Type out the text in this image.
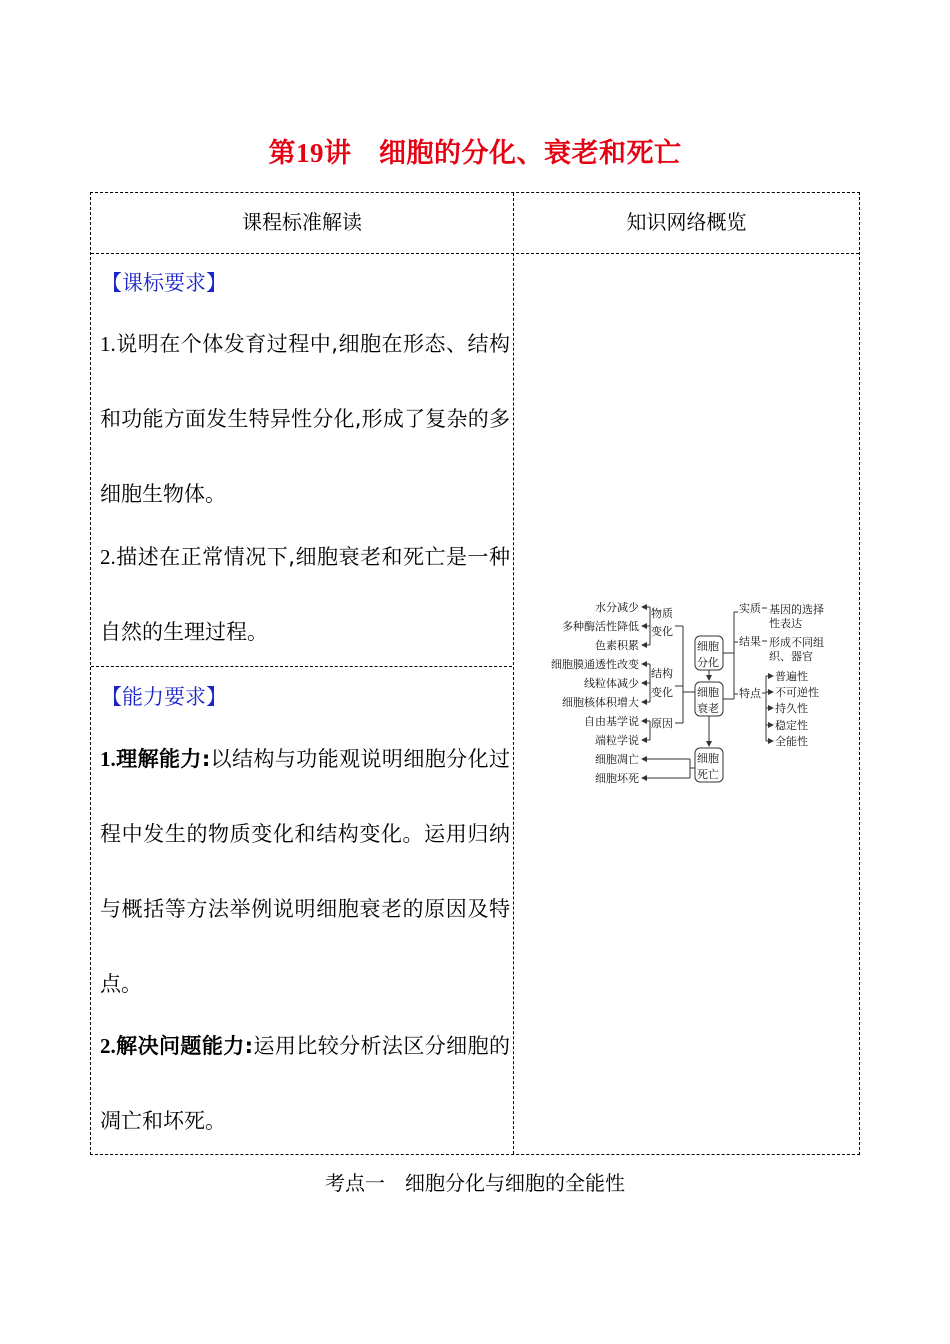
第19讲　 细胞的分化、衰老和死亡
课程标准解读	知识网络概览
【课标要求】
1.说明在个体发育过程中,细胞在形态、结构和功能方面发生特异性分化,形成了复杂的多细胞生物体。
2.描述在正常情况下,细胞衰老和死亡是一种自然的生理过程。
【能力要求】
1.理解能力:以结构与功能观说明细胞分化过程中发生的物质变化和结构变化。运用归纳与概括等方法举例说明细胞衰老的原因及特点。
2.解决问题能力:运用比较分析法区分细胞的凋亡和坏死。
水分减少
多种酶活性降低
色素积累
细胞膜通透性改变
线粒体减少
细胞核体积增大
自由基学说
端粒学说
细胞凋亡
细胞坏死
物质
变化
结构
变化
原因
细胞
分化
细胞
衰老
细胞
死亡
实质
结果
特点
基因的选择
性表达
形成不同组
织、器官
普遍性
不可逆性
持久性
稳定性
全能性
考点一　细胞分化与细胞的全能性
